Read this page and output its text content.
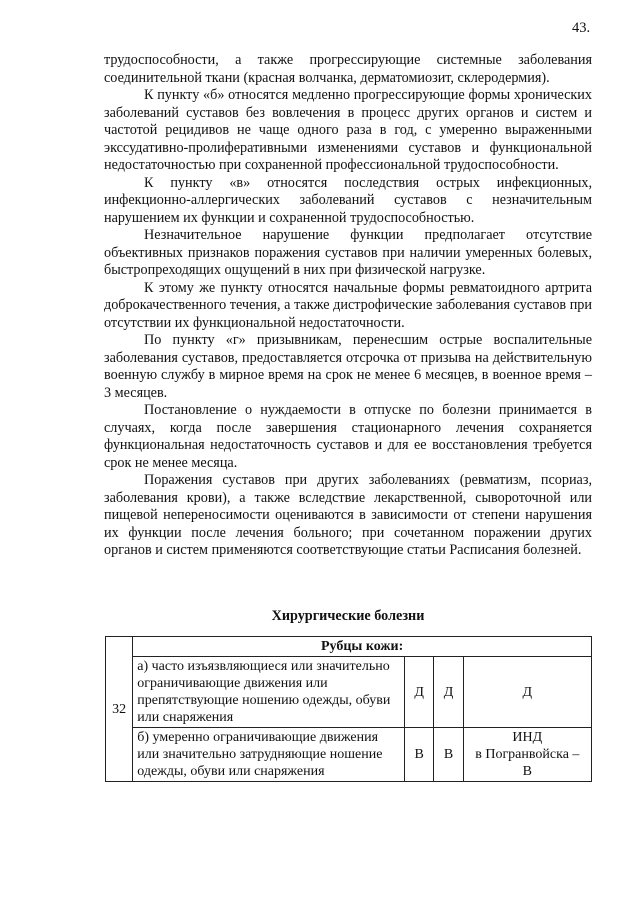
43.

трудоспособности, а также прогрессирующие системные заболевания соединительной ткани (красная волчанка, дерматомиозит, склеродермия).

К пункту «б» относятся медленно прогрессирующие формы хронических заболеваний суставов без вовлечения в процесс других органов и систем и частотой рецидивов не чаще одного раза в год, с умеренно выраженными экссудативно-пролиферативными изменениями суставов и функциональной недостаточностью при сохраненной профессиональной трудоспособности.

К пункту «в» относятся последствия острых инфекционных, инфекционно-аллергических заболеваний суставов с незначительным нарушением их функции и сохраненной трудоспособностью.

Незначительное нарушение функции предполагает отсутствие объективных признаков поражения суставов при наличии умеренных болевых, быстропреходящих ощущений в них при физической нагрузке.

К этому же пункту относятся начальные формы ревматоидного артрита доброкачественного течения, а также дистрофические заболевания суставов при отсутствии их функциональной недостаточности.

По пункту «г» призывникам, перенесшим острые воспалительные заболевания суставов, предоставляется отсрочка от призыва на действительную военную службу в мирное время на срок не менее 6 месяцев, в военное время – 3 месяцев.

Постановление о нуждаемости в отпуске по болезни принимается в случаях, когда после завершения стационарного лечения сохраняется функциональная недостаточность суставов и для ее восстановления требуется срок не менее месяца.

Поражения суставов при других заболеваниях (ревматизм, псориаз, заболевания крови), а также вследствие лекарственной, сывороточной или пищевой непереносимости оцениваются в зависимости от степени нарушения их функции после лечения больного; при сочетанном поражении других органов и систем применяются соответствующие статьи Расписания болезней.

Хирургические болезни
32	Рубцы кожи:			
	а) часто изъязвляющиеся или значительно ограничивающие движения или препятствующие ношению одежды, обуви или снаряжения	Д	Д	Д

	б) умеренно ограничивающие движения или значительно затрудняющие ношение одежды, обуви или снаряжения	В	В	ИНД
в Погранвойска –
В
